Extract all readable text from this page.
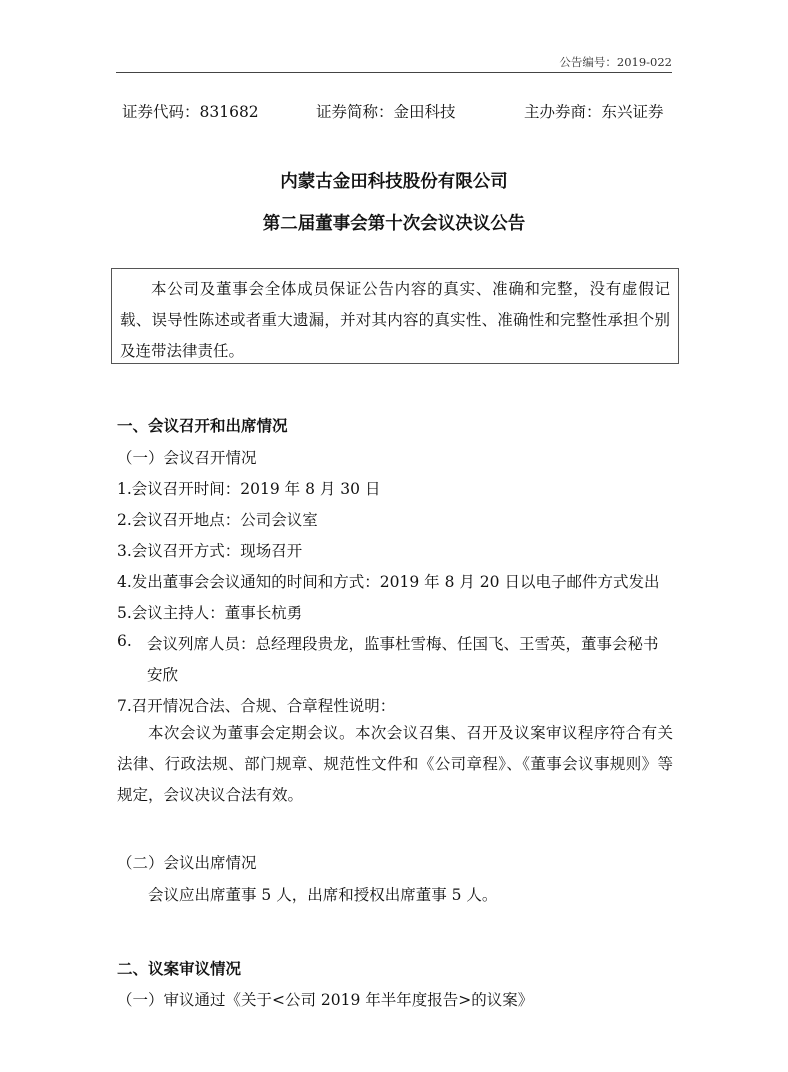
公告编号：2019-022
证券代码：831682	证券简称：金田科技	主办券商：东兴证券
内蒙古金田科技股份有限公司
第二届董事会第十次会议决议公告

本公司及董事会全体成员保证公告内容的真实、准确和完整，没有虚假记载、误导性陈述或者重大遗漏，并对其内容的真实性、准确性和完整性承担个别及连带法律责任。

一、会议召开和出席情况
（一）会议召开情况
1.会议召开时间：2019 年 8 月 30 日
2.会议召开地点：公司会议室
3.会议召开方式：现场召开
4.发出董事会会议通知的时间和方式：2019 年 8 月 20 日以电子邮件方式发出
5.会议主持人：董事长杭勇
6. 会议列席人员：总经理段贵龙，监事杜雪梅、任国飞、王雪英，董事会秘书
安欣
7.召开情况合法、合规、合章程性说明：

本次会议为董事会定期会议。本次会议召集、召开及议案审议程序符合有关法律、行政法规、部门规章、规范性文件和《公司章程》、《董事会议事规则》等规定，会议决议合法有效。

（二）会议出席情况
会议应出席董事 5 人，出席和授权出席董事 5 人。
二、议案审议情况
（一）审议通过《关于<公司 2019 年半年度报告>的议案》
